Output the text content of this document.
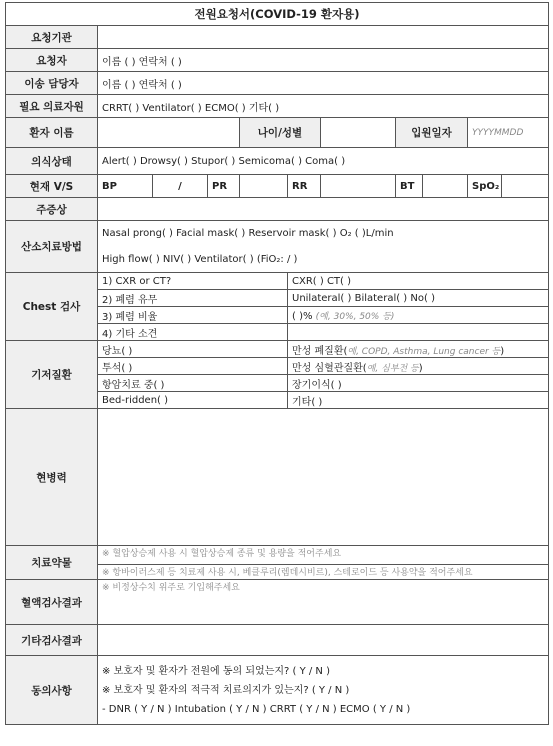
전원요청서(COVID-19 환자용)										
요청기관										
요청자	이름 ( ) 연락처 ( )									
이송 담당자	이름 ( ) 연락처 ( )									
필요 의료자원	CRRT( ) Ventilator( ) ECMO( ) 기타( )									
환자 이름				나이/성별			입원일자		YYYYMMDD	
의식상태	Alert( ) Drowsy( ) Stupor( ) Semicoma( ) Coma( )									
현재 V/S	BP	/	PR		RR		BT		SpO₂	
주증상										
산소치료방법	Nasal prong( ) Facial mask( ) Reservoir mask( ) O₂ ( )L/min									
	High flow( ) NIV( ) Ventilator( ) (FiO₂: / )									
Chest 검사	1) CXR or CT?				CXR( ) CT( )					
	2) 폐렴 유무				Unilateral( ) Bilateral( ) No( )					
	3) 폐렴 비율				( )% (예, 30%, 50% 등)					
	4) 기타 소견									
기저질환	당뇨( )				만성 폐질환(예, COPD, Asthma, Lung cancer 등)					
	투석( )				만성 심혈관질환(예, 심부전 등)					
	항암치료 중( )				장기이식( )					
	Bed-ridden( )				기타( )					
현병력										
치료약물	※ 혈압상승제 사용 시 혈압상승제 종류 및 용량을 적어주세요									
	※ 항바이러스제 등 치료제 사용 시, 베클루리(렘데시비르), 스테로이드 등 사용약을 적어주세요									
혈액검사결과	※ 비정상수치 위주로 기입해주세요									
기타검사결과										
동의사항	※ 보호자 및 환자가 전원에 동의 되었는지? ( Y / N )
※ 보호자 및 환자의 적극적 치료의지가 있는지? ( Y / N )
- DNR ( Y / N ) Intubation ( Y / N ) CRRT ( Y / N ) ECMO ( Y / N )									
